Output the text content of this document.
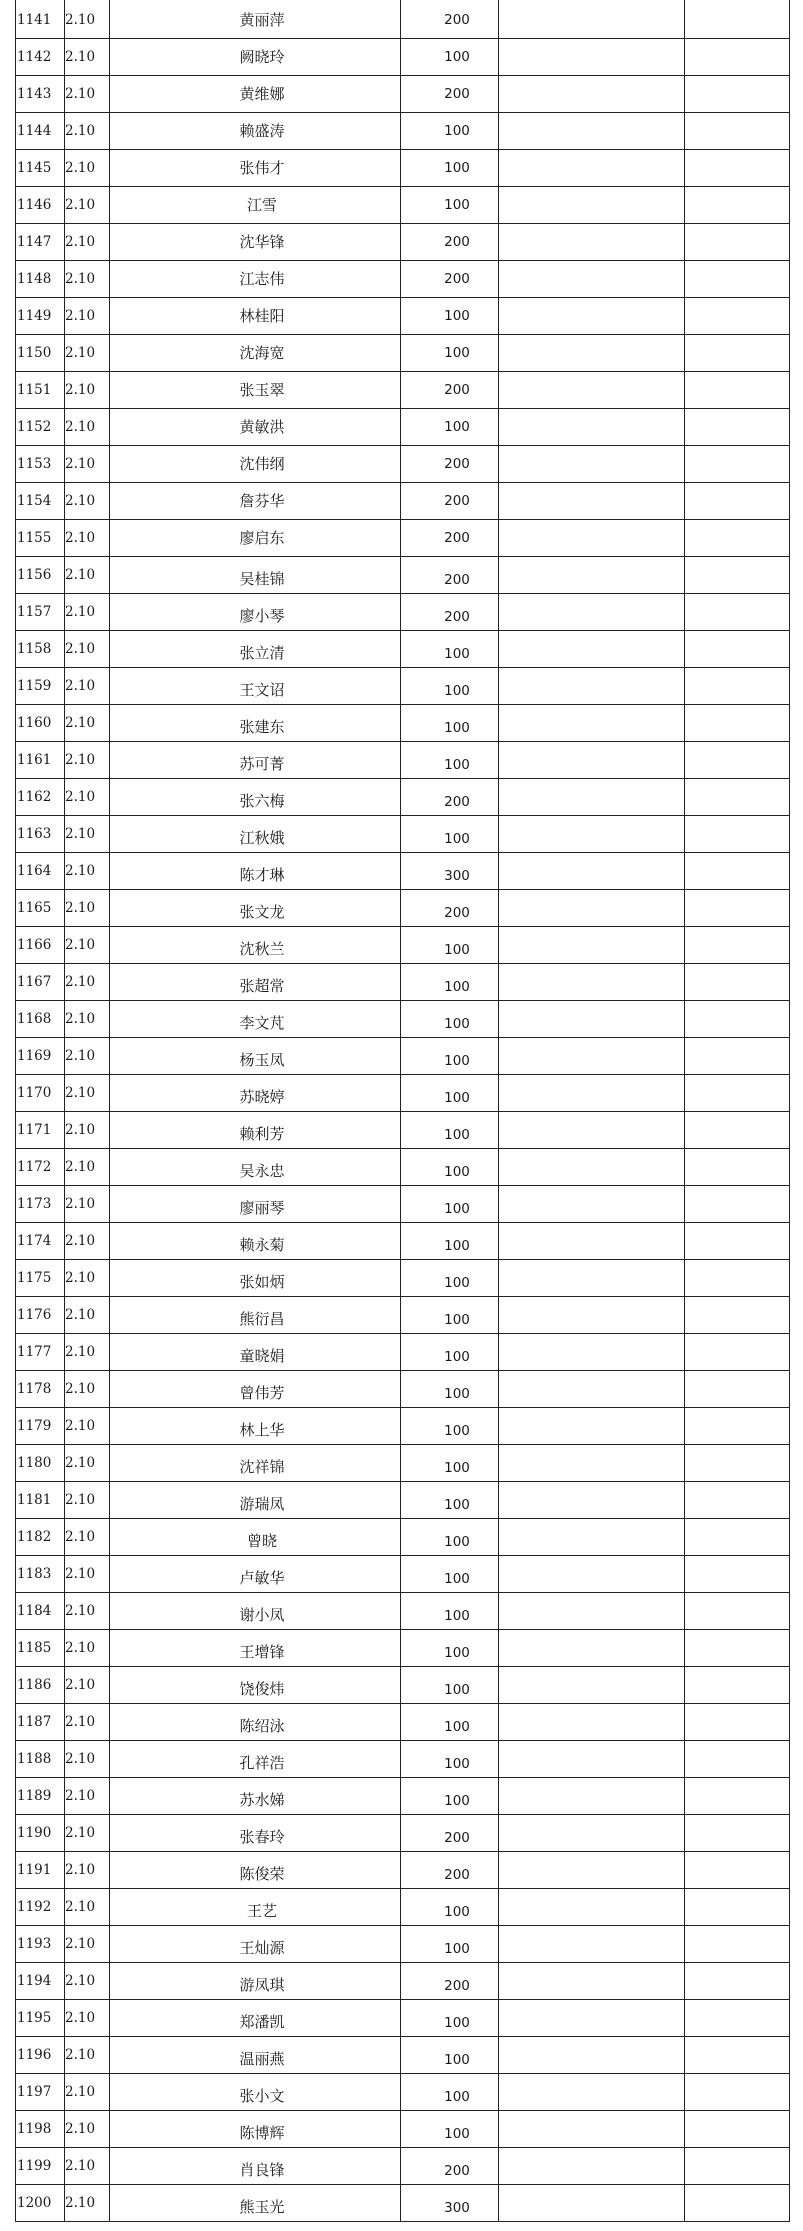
1141 2.10	黄丽萍	200
1142 2.10	阙晓玲	100
1143 2.10	黄维娜	200
1144 2.10	赖盛涛	100
1145 2.10	张伟才	100
1146 2.10	江雪	100
1147 2.10	沈华锋	200
1148 2.10	江志伟	200
1149 2.10	林桂阳	100
1150 2.10	沈海宽	100
1151 2.10	张玉翠	200
1152 2.10	黄敏洪	100
1153 2.10	沈伟纲	200
1154 2.10	詹芬华	200
1155 2.10	廖启东	200
1156 2.10	吴桂锦	200
1157 2.10	廖小琴	200
1158 2.10	张立清	100
1159 2.10	王文诏	100
1160 2.10	张建东	100
1161 2.10	苏可菁	100
1162 2.10	张六梅	200
1163 2.10	江秋娥	100
1164 2.10	陈才琳	300
1165 2.10	张文龙	200
1166 2.10	沈秋兰	100
1167 2.10	张超常	100
1168 2.10	李文芃	100
1169 2.10	杨玉凤	100
1170 2.10	苏晓婷	100
1171 2.10	赖利芳	100
1172 2.10	吴永忠	100
1173 2.10	廖丽琴	100
1174 2.10	赖永菊	100
1175 2.10	张如炳	100
1176 2.10	熊衍昌	100
1177 2.10	童晓娟	100
1178 2.10	曾伟芳	100
1179 2.10	林上华	100
1180 2.10	沈祥锦	100
1181 2.10	游瑞凤	100
1182 2.10	曾晓	100
1183 2.10	卢敏华	100
1184 2.10	谢小凤	100
1185 2.10	王增锋	100
1186 2.10	饶俊炜	100
1187 2.10	陈绍泳	100
1188 2.10	孔祥浩	100
1189 2.10	苏水娣	100
1190 2.10	张春玲	200
1191 2.10	陈俊荣	200
1192 2.10	王艺	100
1193 2.10	王灿源	100
1194 2.10	游凤琪	200
1195 2.10	郑潘凯	100
1196 2.10	温丽燕	100
1197 2.10	张小文	100
1198 2.10	陈博辉	100
1199 2.10	肖良锋	200
1200 2.10	熊玉光	300
